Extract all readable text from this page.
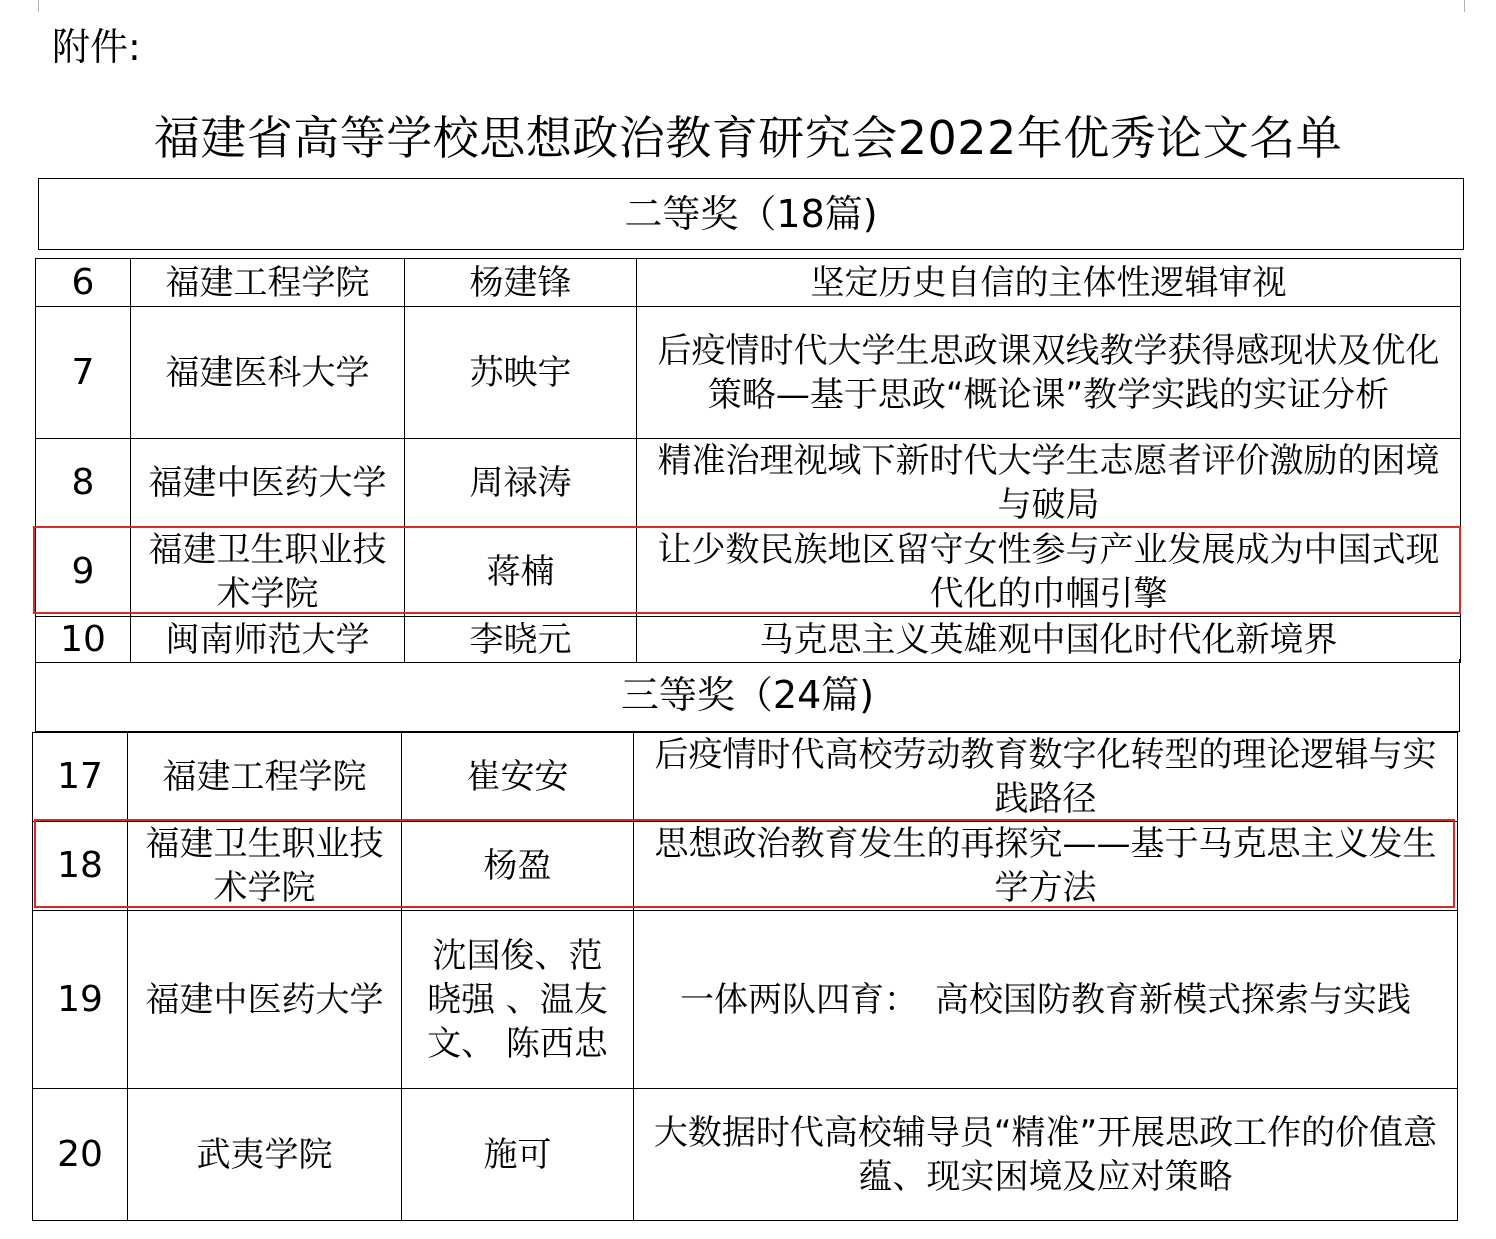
附件:
福建省高等学校思想政治教育研究会2022年优秀论文名单
二等奖（18篇)
6	福建工程学院	杨建锋	坚定历史自信的主体性逻辑审视
7	福建医科大学	苏映宇	后疫情时代大学生思政课双线教学获得感现状及优化策略—基于思政“概论课”教学实践的实证分析
8	福建中医药大学	周禄涛	精准治理视域下新时代大学生志愿者评价激励的困境与破局
9	福建卫生职业技术学院	蒋楠	让少数民族地区留守女性参与产业发展成为中国式现代化的巾帼引擎
10	闽南师范大学	李晓元	马克思主义英雄观中国化时代化新境界
三等奖（24篇)
17	福建工程学院	崔安安	后疫情时代高校劳动教育数字化转型的理论逻辑与实践路径
18	福建卫生职业技术学院	杨盈	思想政治教育发生的再探究——基于马克思主义发生学方法
19	福建中医药大学	沈国俊、范晓强 、温友文、 陈西忠	一体两队四育：　高校国防教育新模式探索与实践
20	武夷学院	施可	大数据时代高校辅导员“精准”开展思政工作的价值意蕴、现实困境及应对策略
